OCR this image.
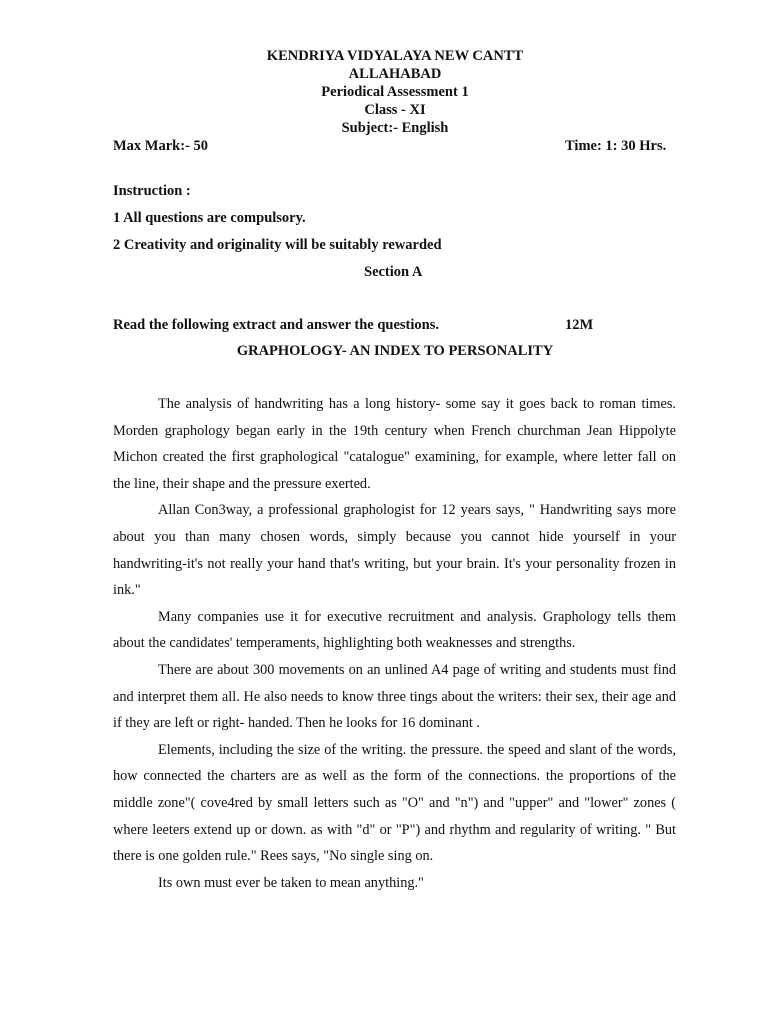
KENDRIYA VIDYALAYA NEW CANTT
ALLAHABAD
Periodical Assessment 1
Class - XI
Subject:- English
Max Mark:- 50	Time: 1: 30 Hrs.
Instruction :
1 All questions are compulsory.
2 Creativity and originality will be suitably rewarded
Section A
Read the following extract and answer the questions.	12M
GRAPHOLOGY- AN INDEX TO PERSONALITY

The analysis of handwriting has a long history- some say it goes back to roman times. Morden graphology began early in the 19th century when French churchman Jean Hippolyte Michon created the first graphological "catalogue" examining, for example, where letter fall on the line, their shape and the pressure exerted.

Allan Con3way, a professional graphologist for 12 years says, " Handwriting says more about you than many chosen words, simply because you cannot hide yourself in your handwriting-it's not really your hand that's writing, but your brain. It's your personality frozen in ink."

Many companies use it for executive recruitment and analysis. Graphology tells them about the candidates' temperaments, highlighting both weaknesses and strengths.

There are about 300 movements on an unlined A4 page of writing and students must find and interpret them all. He also needs to know three tings about the writers: their sex, their age and if they are left or right- handed. Then he looks for 16 dominant .

Elements, including the size of the writing. the pressure. the speed and slant of the words, how connected the charters are as well as the form of the connections. the proportions of the middle zone"( cove4red by small letters such as "O" and "n") and "upper" and "lower" zones ( where leeters extend up or down. as with "d" or "P") and rhythm and regularity of writing. " But there is one golden rule." Rees says, "No single sing on.

Its own must ever be taken to mean anything."
